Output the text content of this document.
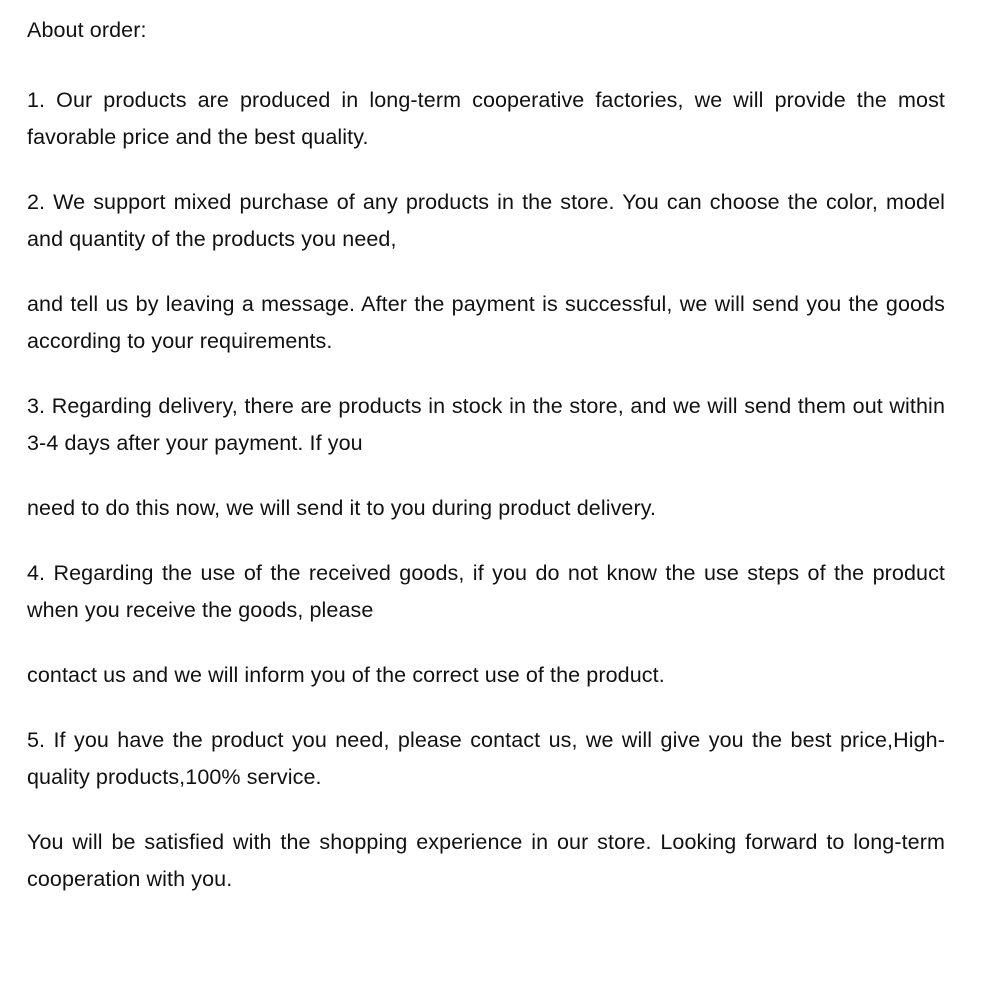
About order:

1. Our products are produced in long-term cooperative factories, we will provide the most favorable price and the best quality.

2. We support mixed purchase of any products in the store. You can choose the color, model and quantity of the products you need,

and tell us by leaving a message. After the payment is successful, we will send you the goods according to your requirements.

3. Regarding delivery, there are products in stock in the store, and we will send them out within 3-4 days after your payment. If you

need to do this now, we will send it to you during product delivery.

4. Regarding the use of the received goods, if you do not know the use steps of the product when you receive the goods, please

contact us and we will inform you of the correct use of the product.

5. If you have the product you need, please contact us, we will give you the best price,High-quality products,100% service.

You will be satisfied with the shopping experience in our store. Looking forward to long-term cooperation with you.
